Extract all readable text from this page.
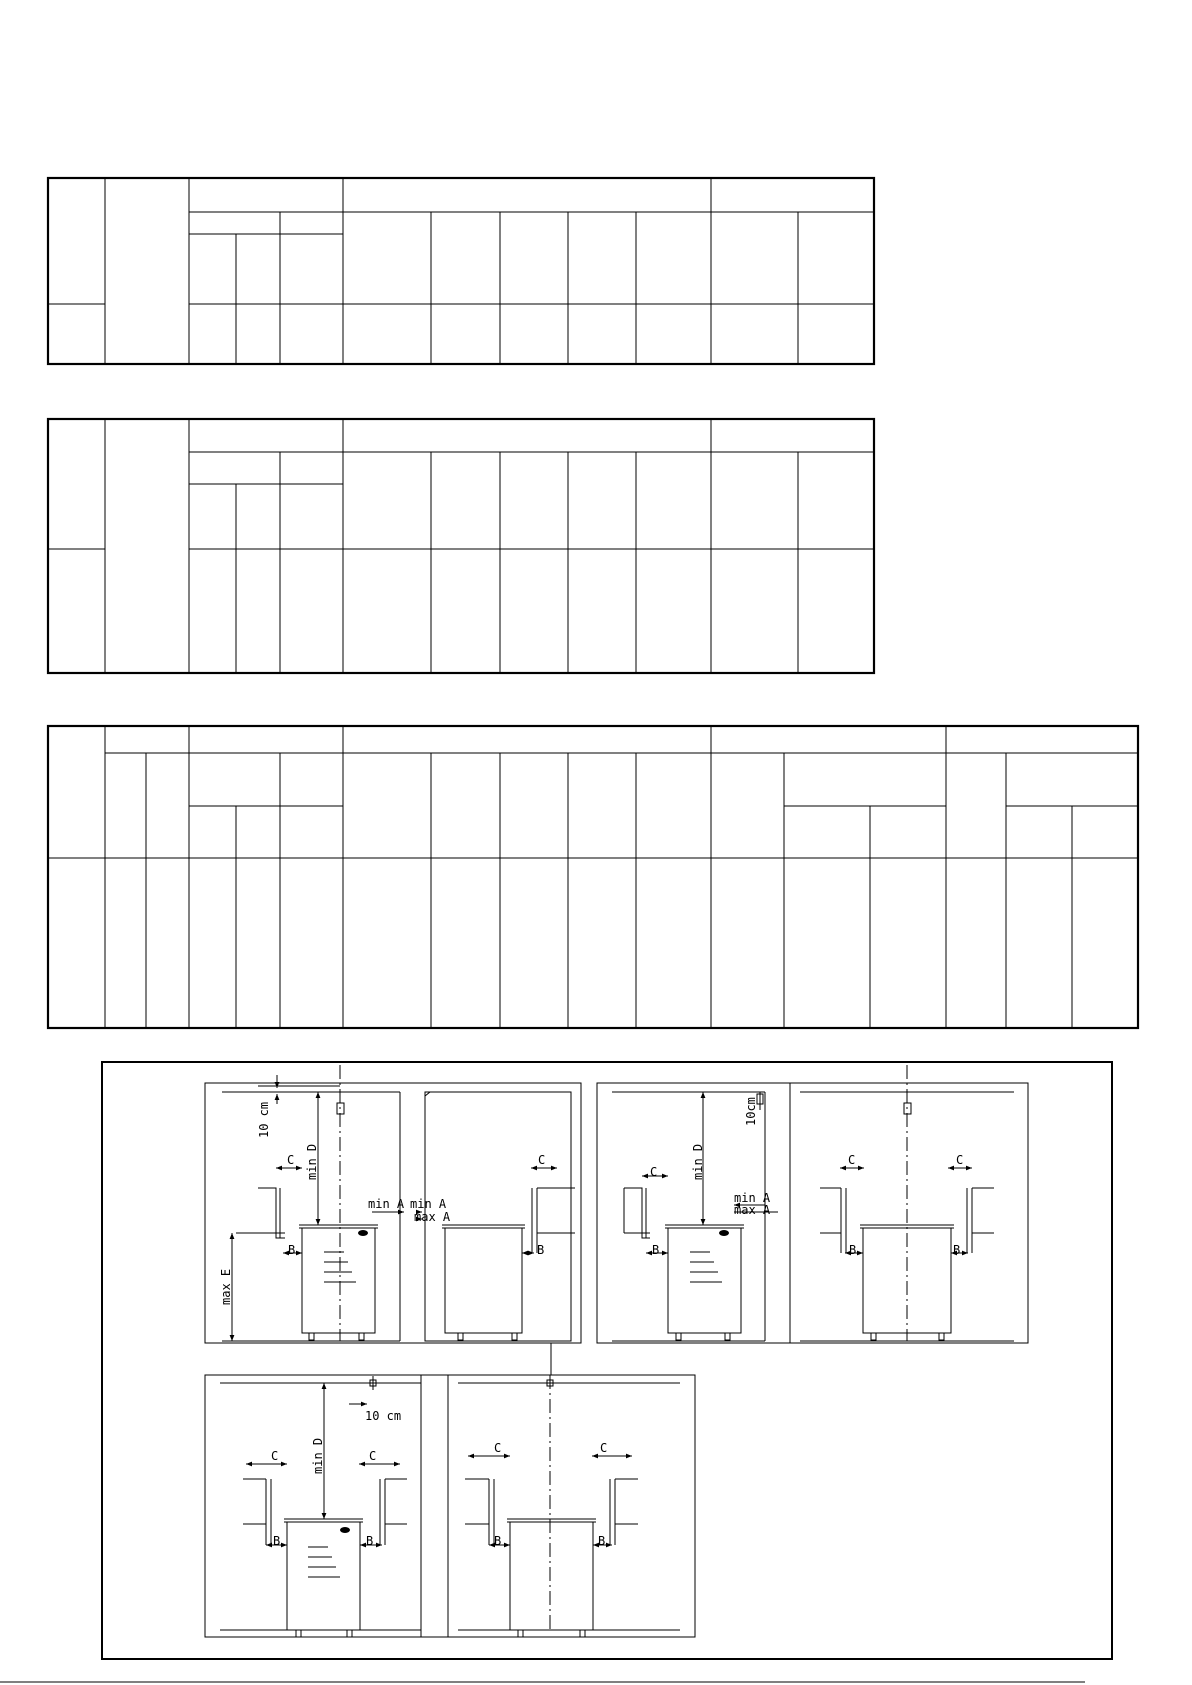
10 cm
min D
C
B
max E
min A min A
max A
C
B
min D
10cm
C
B
min A
max A
C	C
B	B
min D
10 cm
C	C
B	B
C	C
B	B
